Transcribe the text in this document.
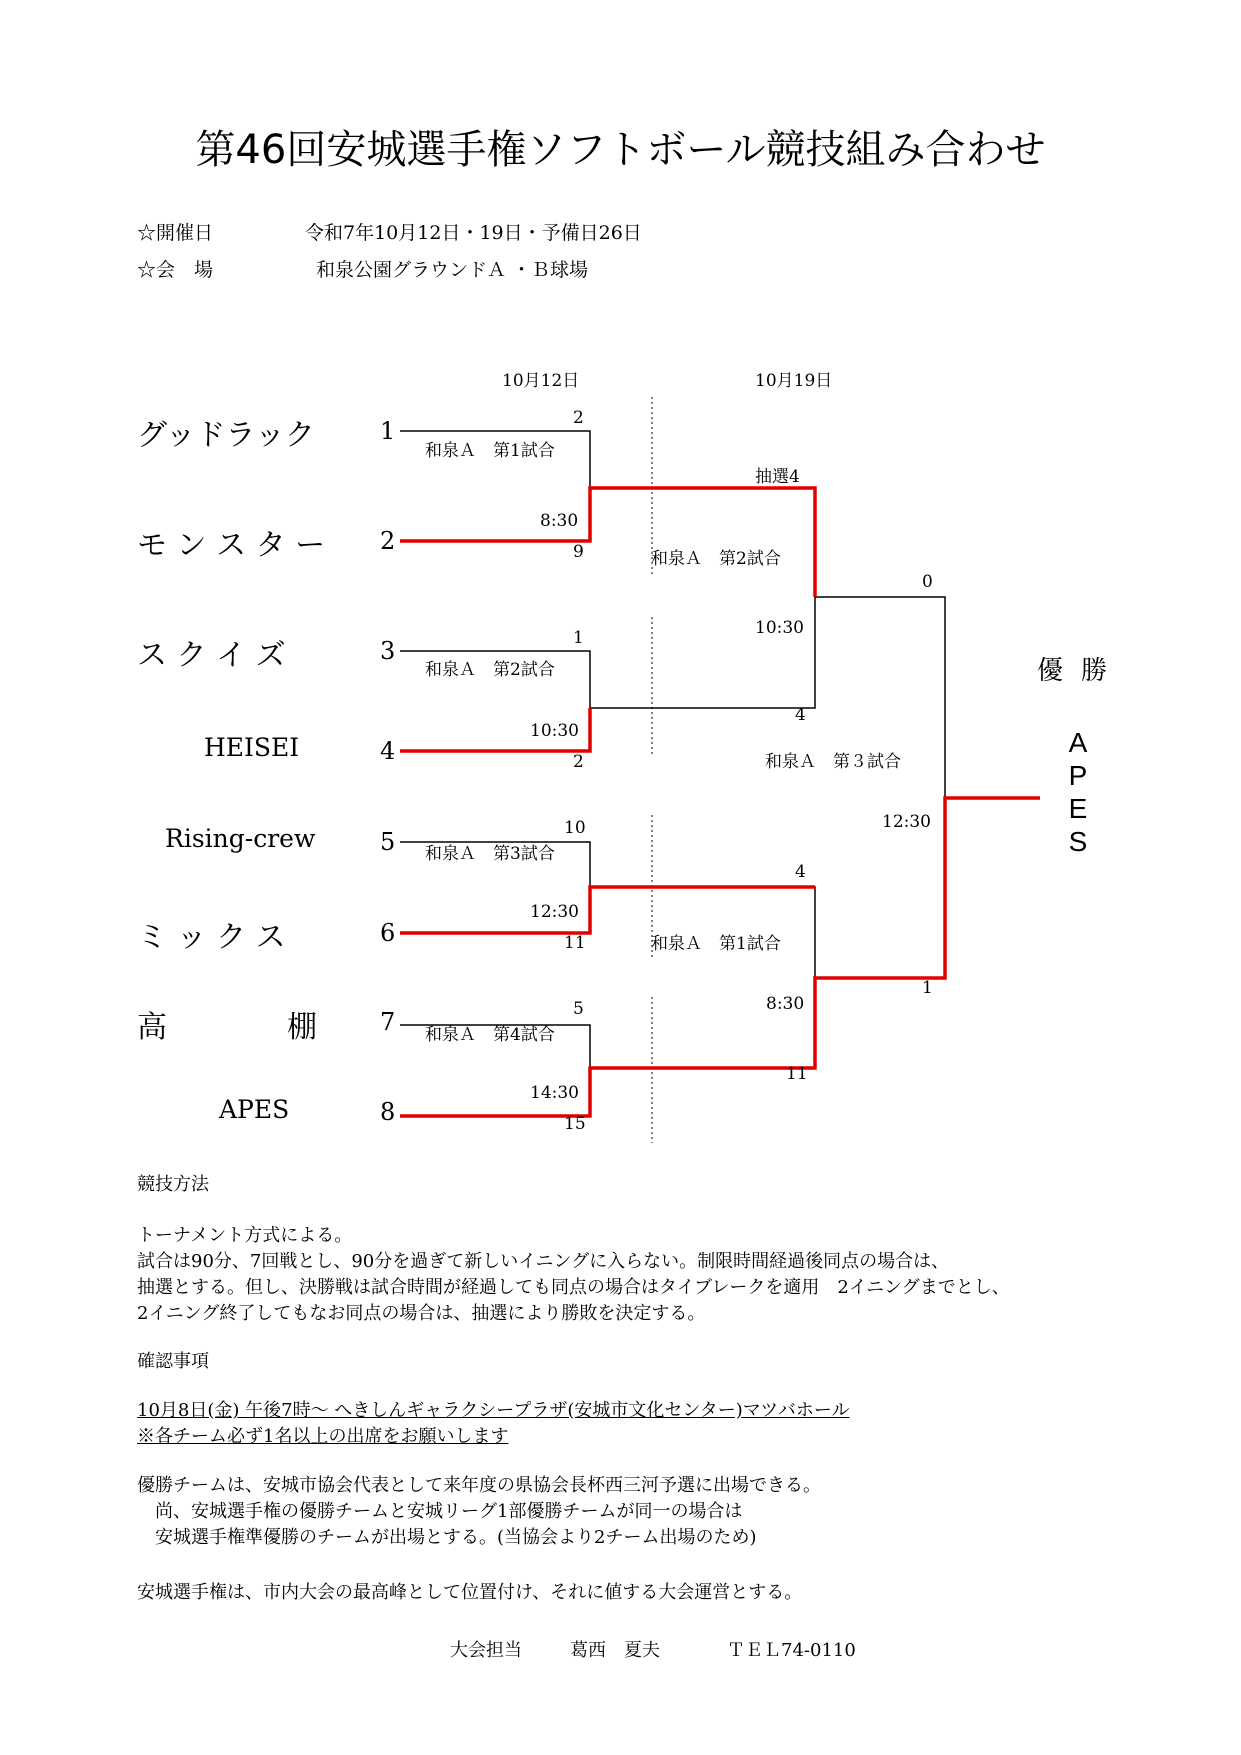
第46回安城選手権ソフトボール競技組み合わせ
☆開催日	令和7年10月12日・19日・予備日26日
☆会　場	和泉公園グラウンドＡ ・Ｂ球場
10月12日	10月19日
グッドラック	1
モ ン ス タ ー 2
ス ク イ ズ	3
HEISEI	4
Rising-crew	5
ミ ッ ク ス	6
高　　　　棚	7
APES	8
2
和泉Ａ　第1試合
8:30
9
1
和泉Ａ　第2試合
10:30
2
10
和泉Ａ　第3試合
12:30
11
5
和泉Ａ　第4試合
14:30
15
抽選4
和泉Ａ　第2試合
10:30
4
4
和泉Ａ　第1試合
8:30
11
0
和泉Ａ　第３試合
12:30
1
優勝
A
P
E
S
競技方法
トーナメント方式による。
試合は90分、7回戦とし、90分を過ぎて新しいイニングに入らない。制限時間経過後同点の場合は、
抽選とする。但し、決勝戦は試合時間が経過しても同点の場合はタイブレークを適用　2イニングまでとし、
2イニング終了してもなお同点の場合は、抽選により勝敗を決定する。
確認事項
10月8日(金) 午後7時～ へきしんギャラクシープラザ(安城市文化センター)マツバホール
※各チーム必ず1名以上の出席をお願いします
優勝チームは、安城市協会代表として来年度の県協会長杯西三河予選に出場できる。
　尚、安城選手権の優勝チームと安城リーグ1部優勝チームが同一の場合は
　安城選手権準優勝のチームが出場とする。(当協会より2チーム出場のため)
安城選手権は、市内大会の最高峰として位置付け、それに値する大会運営とする。
大会担当	葛西　夏夫	ＴＥＬ74-0110
